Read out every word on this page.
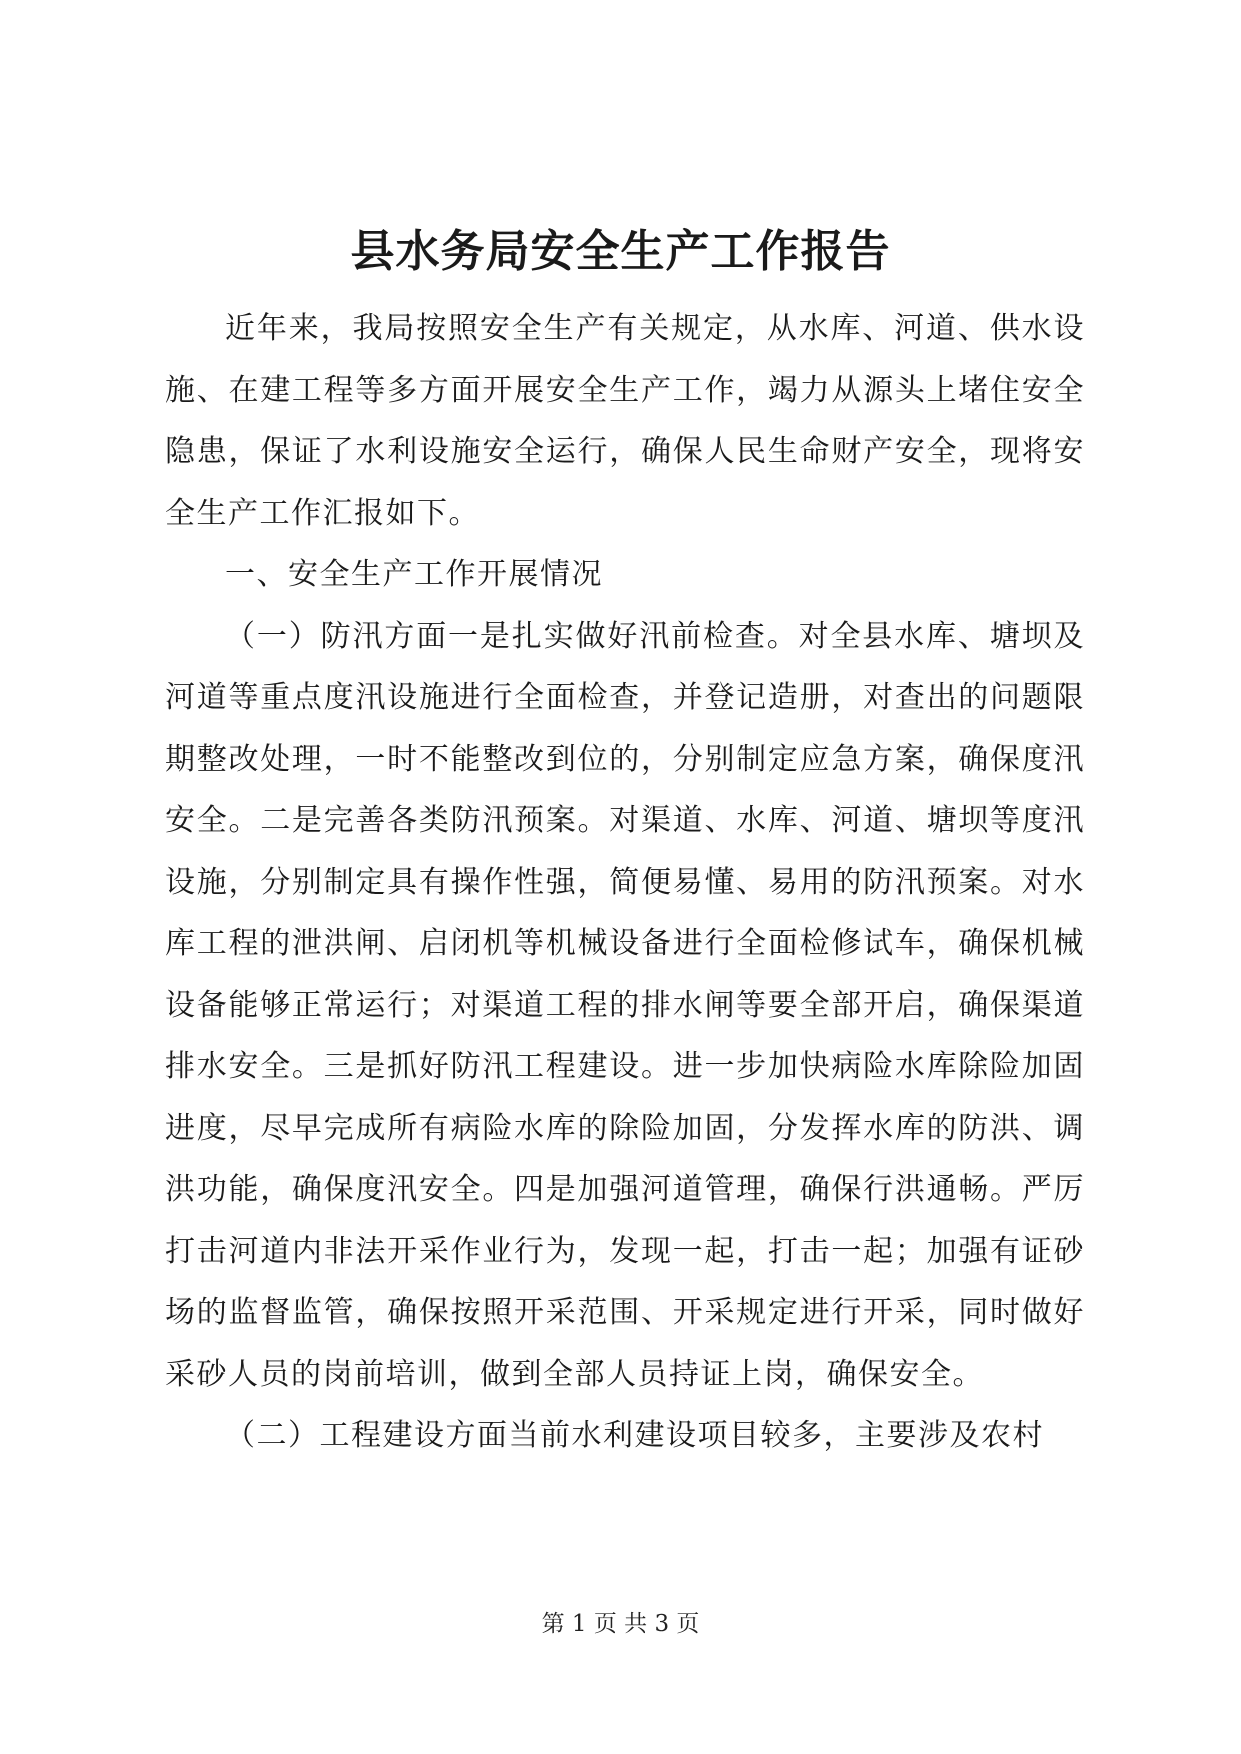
县水务局安全生产工作报告

近年来，我局按照安全生产有关规定，从水库、河道、供水设施、在建工程等多方面开展安全生产工作，竭力从源头上堵住安全隐患，保证了水利设施安全运行，确保人民生命财产安全，现将安全生产工作汇报如下。

一、安全生产工作开展情况

（一）防汛方面一是扎实做好汛前检查。对全县水库、塘坝及河道等重点度汛设施进行全面检查，并登记造册，对查出的问题限期整改处理，一时不能整改到位的，分别制定应急方案，确保度汛安全。二是完善各类防汛预案。对渠道、水库、河道、塘坝等度汛设施，分别制定具有操作性强，简便易懂、易用的防汛预案。对水库工程的泄洪闸、启闭机等机械设备进行全面检修试车，确保机械设备能够正常运行；对渠道工程的排水闸等要全部开启，确保渠道排水安全。三是抓好防汛工程建设。进一步加快病险水库除险加固进度，尽早完成所有病险水库的除险加固，分发挥水库的防洪、调洪功能，确保度汛安全。四是加强河道管理，确保行洪通畅。严厉打击河道内非法开采作业行为，发现一起，打击一起；加强有证砂场的监督监管，确保按照开采范围、开采规定进行开采，同时做好采砂人员的岗前培训，做到全部人员持证上岗，确保安全。

（二）工程建设方面当前水利建设项目较多，主要涉及农村

第 1 页 共 3 页
